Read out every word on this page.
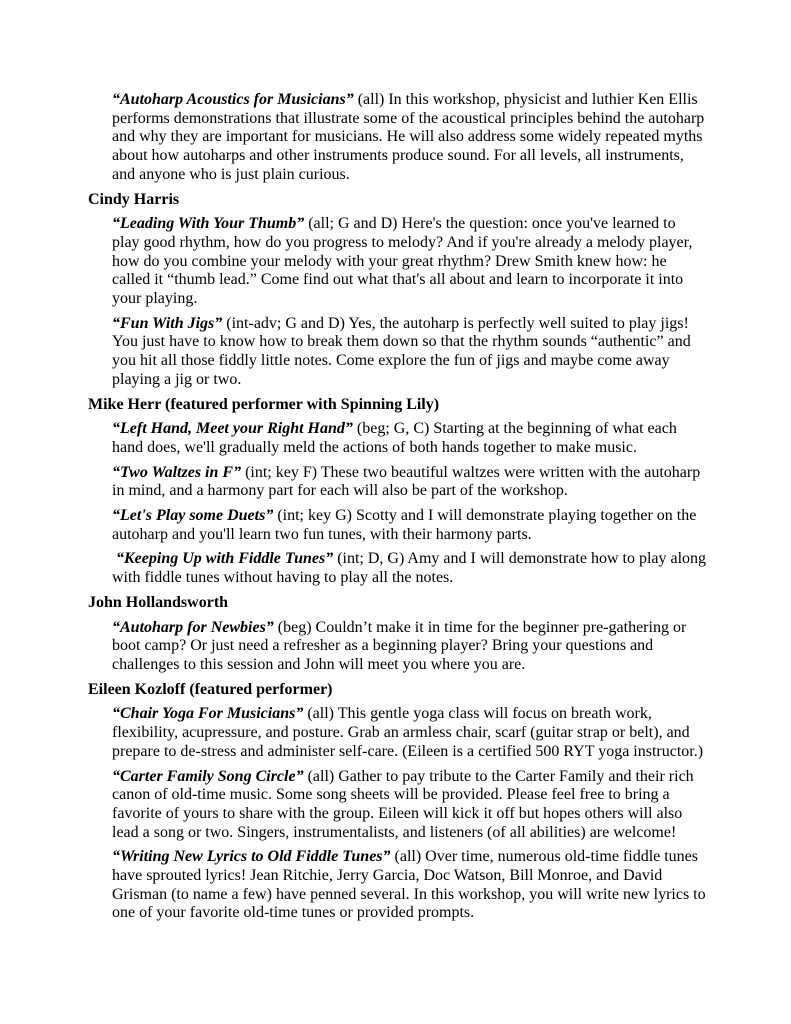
“Autoharp Acoustics for Musicians” (all) In this workshop, physicist and luthier Ken Ellis performs demonstrations that illustrate some of the acoustical principles behind the autoharp and why they are important for musicians. He will also address some widely repeated myths about how autoharps and other instruments produce sound. For all levels, all instruments, and anyone who is just plain curious.

Cindy Harris

“Leading With Your Thumb” (all; G and D) Here's the question: once you've learned to play good rhythm, how do you progress to melody? And if you're already a melody player, how do you combine your melody with your great rhythm? Drew Smith knew how: he called it “thumb lead.” Come find out what that's all about and learn to incorporate it into your playing.

“Fun With Jigs” (int-adv; G and D) Yes, the autoharp is perfectly well suited to play jigs! You just have to know how to break them down so that the rhythm sounds “authentic” and you hit all those fiddly little notes. Come explore the fun of jigs and maybe come away playing a jig or two.

Mike Herr (featured performer with Spinning Lily)

“Left Hand, Meet your Right Hand” (beg; G, C) Starting at the beginning of what each hand does, we'll gradually meld the actions of both hands together to make music.

“Two Waltzes in F” (int; key F) These two beautiful waltzes were written with the autoharp in mind, and a harmony part for each will also be part of the workshop.

“Let's Play some Duets” (int; key G) Scotty and I will demonstrate playing together on the autoharp and you'll learn two fun tunes, with their harmony parts.

“Keeping Up with Fiddle Tunes” (int; D, G) Amy and I will demonstrate how to play along with fiddle tunes without having to play all the notes.

John Hollandsworth

“Autoharp for Newbies” (beg) Couldn’t make it in time for the beginner pre-gathering or boot camp? Or just need a refresher as a beginning player? Bring your questions and challenges to this session and John will meet you where you are.

Eileen Kozloff (featured performer)

“Chair Yoga For Musicians” (all) This gentle yoga class will focus on breath work, flexibility, acupressure, and posture. Grab an armless chair, scarf (guitar strap or belt), and prepare to de-stress and administer self-care. (Eileen is a certified 500 RYT yoga instructor.)

“Carter Family Song Circle” (all) Gather to pay tribute to the Carter Family and their rich canon of old-time music. Some song sheets will be provided. Please feel free to bring a favorite of yours to share with the group. Eileen will kick it off but hopes others will also lead a song or two. Singers, instrumentalists, and listeners (of all abilities) are welcome!

“Writing New Lyrics to Old Fiddle Tunes” (all) Over time, numerous old-time fiddle tunes have sprouted lyrics! Jean Ritchie, Jerry Garcia, Doc Watson, Bill Monroe, and David Grisman (to name a few) have penned several. In this workshop, you will write new lyrics to one of your favorite old-time tunes or provided prompts.
